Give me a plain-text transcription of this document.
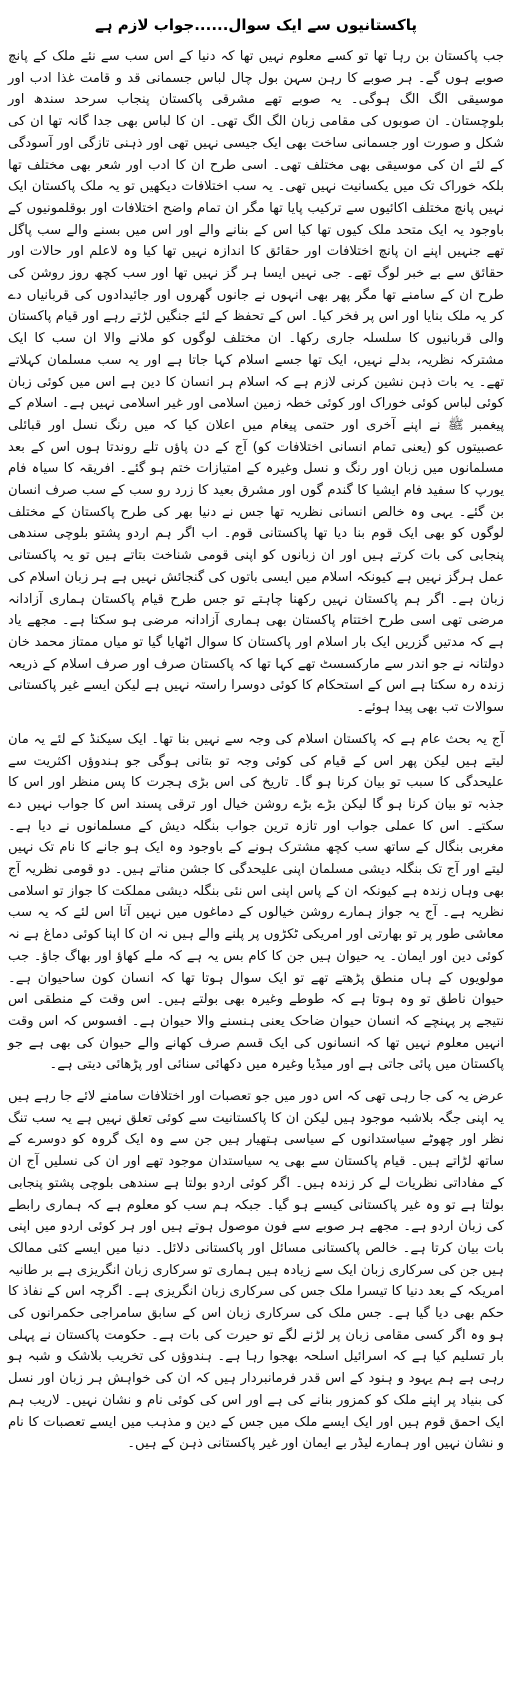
پاکستانیوں سے ایک سوال......جواب لازم ہے

جب پاکستان بن رہا تھا تو کسے معلوم نہیں تھا کہ دنیا کے اس سب سے نئے ملک کے پانچ صوبے ہوں گے۔ ہر صوبے کا رہن سہن بول چال لباس جسمانی قد و قامت غذا ادب اور موسیقی الگ الگ ہوگی۔ یہ صوبے تھے مشرقی پاکستان پنجاب سرحد سندھ اور بلوچستان۔ ان صوبوں کی مقامی زبان الگ الگ تھی۔ ان کا لباس بھی جدا گانہ تھا ان کی شکل و صورت اور جسمانی ساخت بھی ایک جیسی نہیں تھی اور ذہنی تازگی اور آسودگی کے لئے ان کی موسیقی بھی مختلف تھی۔ اسی طرح ان کا ادب اور شعر بھی مختلف تھا بلکہ خوراک تک میں یکسانیت نہیں تھی۔ یہ سب اختلافات دیکھیں تو یہ ملک پاکستان ایک نہیں پانچ مختلف اکائیوں سے ترکیب پایا تھا مگر ان تمام واضح اختلافات اور بوقلمونیوں کے باوجود یہ ایک متحد ملک کیوں تھا کیا اس کے بنانے والے اور اس میں بسنے والے سب پاگل تھے جنہیں اپنے ان پانچ اختلافات اور حقائق کا اندازہ نہیں تھا کیا وہ لاعلم اور حالات اور حقائق سے بے خبر لوگ تھے۔ جی نہیں ایسا ہر گز نہیں تھا اور سب کچھ روز روشن کی طرح ان کے سامنے تھا مگر پھر بھی انہوں نے جانوں گھروں اور جائیدادوں کی قربانیاں دے کر یہ ملک بنایا اور اس پر فخر کیا۔ اس کے تحفظ کے لئے جنگیں لڑتے رہے اور قیام پاکستان والی قربانیوں کا سلسلہ جاری رکھا۔ ان مختلف لوگوں کو ملانے والا ان سب کا ایک مشترکہ نظریہ، بدلے نہیں، ایک تھا جسے اسلام کہا جاتا ہے اور یہ سب مسلمان کہلاتے تھے۔ یہ بات ذہن نشین کرنی لازم ہے کہ اسلام ہر انسان کا دین ہے اس میں کوئی زبان کوئی لباس کوئی خوراک اور کوئی خطہ زمین اسلامی اور غیر اسلامی نہیں ہے۔ اسلام کے پیغمبر ﷺ نے اپنے آخری اور حتمی پیغام میں اعلان کیا کہ میں رنگ نسل اور قبائلی عصبیتوں کو (یعنی تمام انسانی اختلافات کو) آج کے دن پاؤں تلے روندتا ہوں اس کے بعد مسلمانوں میں زبان اور رنگ و نسل وغیرہ کے امتیازات ختم ہو گئے۔ افریقہ کا سیاہ فام یورپ کا سفید فام ایشیا کا گندم گوں اور مشرق بعید کا زرد رو سب کے سب صرف انسان بن گئے۔ یہی وہ خالص انسانی نظریہ تھا جس نے دنیا بھر کی طرح پاکستان کے مختلف لوگوں کو بھی ایک قوم بنا دیا تھا پاکستانی قوم۔ اب اگر ہم اردو پشتو بلوچی سندھی پنجابی کی بات کرتے ہیں اور ان زبانوں کو اپنی قومی شناخت بتاتے ہیں تو یہ پاکستانی عمل ہرگز نہیں ہے کیونکہ اسلام میں ایسی باتوں کی گنجائش نہیں ہے ہر زبان اسلام کی زبان ہے۔ اگر ہم پاکستان نہیں رکھنا چاہتے تو جس طرح قیام پاکستان ہماری آزادانہ مرضی تھی اسی طرح اختتام پاکستان بھی ہماری آزادانہ مرضی ہو سکتا ہے۔ مجھے یاد ہے کہ مدتیں گزریں ایک بار اسلام اور پاکستان کا سوال اٹھایا گیا تو میاں ممتاز محمد خان دولتانہ نے جو اندر سے مارکسسٹ تھے کہا تھا کہ پاکستان صرف اور صرف اسلام کے ذریعہ زندہ رہ سکتا ہے اس کے استحکام کا کوئی دوسرا راستہ نہیں ہے لیکن ایسے غیر پاکستانی سوالات تب بھی پیدا ہوئے۔

آج یہ بحث عام ہے کہ پاکستان اسلام کی وجہ سے نہیں بنا تھا۔ ایک سیکنڈ کے لئے یہ مان لیتے ہیں لیکن پھر اس کے قیام کی کوئی وجہ تو بتانی ہوگی جو ہندوؤں اکثریت سے علیحدگی کا سبب تو بیان کرنا ہو گا۔ تاریخ کی اس بڑی ہجرت کا پس منظر اور اس کا جذبہ تو بیان کرنا ہو گا لیکن بڑے بڑے روشن خیال اور ترقی پسند اس کا جواب نہیں دے سکتے۔ اس کا عملی جواب اور تازہ ترین جواب بنگلہ دیش کے مسلمانوں نے دیا ہے۔ مغربی بنگال کے ساتھ سب کچھ مشترک ہونے کے باوجود وہ ایک ہو جانے کا نام تک نہیں لیتے اور آج تک بنگلہ دیشی مسلمان اپنی علیحدگی کا جشن مناتے ہیں۔ دو قومی نظریہ آج بھی وہاں زندہ ہے کیونکہ ان کے پاس اپنی اس نئی بنگلہ دیشی مملکت کا جواز تو اسلامی نظریہ ہے۔ آج یہ جواز ہمارے روشن خیالوں کے دماغوں میں نہیں آتا اس لئے کہ یہ سب معاشی طور پر تو بھارتی اور امریکی ٹکڑوں پر پلنے والے ہیں نہ ان کا اپنا کوئی دماغ ہے نہ کوئی دین اور ایمان۔ یہ حیوان ہیں جن کا کام بس یہ ہے کہ ملے کھاؤ اور بھاگ جاؤ۔ جب مولویوں کے ہاں منطق پڑھتے تھے تو ایک سوال ہوتا تھا کہ انسان کون ساحیوان ہے۔ حیوان ناطق تو وہ ہوتا ہے کہ طوطے وغیرہ بھی بولتے ہیں۔ اس وقت کے منطقی اس نتیجے پر پہنچے کہ انسان حیوان ضاحک یعنی ہنسنے والا حیوان ہے۔ افسوس کہ اس وقت انہیں معلوم نہیں تھا کہ انسانوں کی ایک قسم صرف کھانے والے حیوان کی بھی ہے جو پاکستان میں پائی جاتی ہے اور میڈیا وغیرہ میں دکھائی سنائی اور پڑھائی دیتی ہے۔

عرض یہ کی جا رہی تھی کہ اس دور میں جو تعصبات اور اختلافات سامنے لائے جا رہے ہیں یہ اپنی جگہ بلاشبہ موجود ہیں لیکن ان کا پاکستانیت سے کوئی تعلق نہیں ہے یہ سب تنگ نظر اور چھوٹے سیاستدانوں کے سیاسی ہتھیار ہیں جن سے وہ ایک گروہ کو دوسرے کے ساتھ لڑاتے ہیں۔ قیام پاکستان سے بھی یہ سیاستدان موجود تھے اور ان کی نسلیں آج ان کے مفاداتی نظریات لے کر زندہ ہیں۔ اگر کوئی اردو بولتا ہے سندھی بلوچی پشتو پنجابی بولتا ہے تو وہ غیر پاکستانی کیسے ہو گیا۔ جبکہ ہم سب کو معلوم ہے کہ ہماری رابطے کی زبان اردو ہے۔ مجھے ہر صوبے سے فون موصول ہوتے ہیں اور ہر کوئی اردو میں اپنی بات بیان کرتا ہے۔ خالص پاکستانی مسائل اور پاکستانی دلائل۔ دنیا میں ایسے کئی ممالک ہیں جن کی سرکاری زبان ایک سے زیادہ ہیں ہماری تو سرکاری زبان انگریزی ہے بر طانیہ امریکہ کے بعد دنیا کا تیسرا ملک جس کی سرکاری زبان انگریزی ہے۔ اگرچہ اس کے نفاذ کا حکم بھی دیا گیا ہے۔ جس ملک کی سرکاری زبان اس کے سابق سامراجی حکمرانوں کی ہو وہ اگر کسی مقامی زبان پر لڑنے لگے تو حیرت کی بات ہے۔ حکومت پاکستان نے پہلی بار تسلیم کیا ہے کہ اسرائیل اسلحہ بھجوا رہا ہے۔ ہندوؤں کی تخریب بلاشک و شبہ ہو رہی ہے ہم یہود و ہنود کے اس قدر فرمانبردار ہیں کہ ان کی خواہش ہر زبان اور نسل کی بنیاد پر اپنے ملک کو کمزور بنانے کی ہے اور اس کی کوئی نام و نشان نہیں۔ لاریب ہم ایک احمق قوم ہیں اور ایک ایسے ملک میں جس کے دین و مذہب میں ایسے تعصبات کا نام و نشان نہیں اور ہمارے لیڈر بے ایمان اور غیر پاکستانی ذہن کے ہیں۔
